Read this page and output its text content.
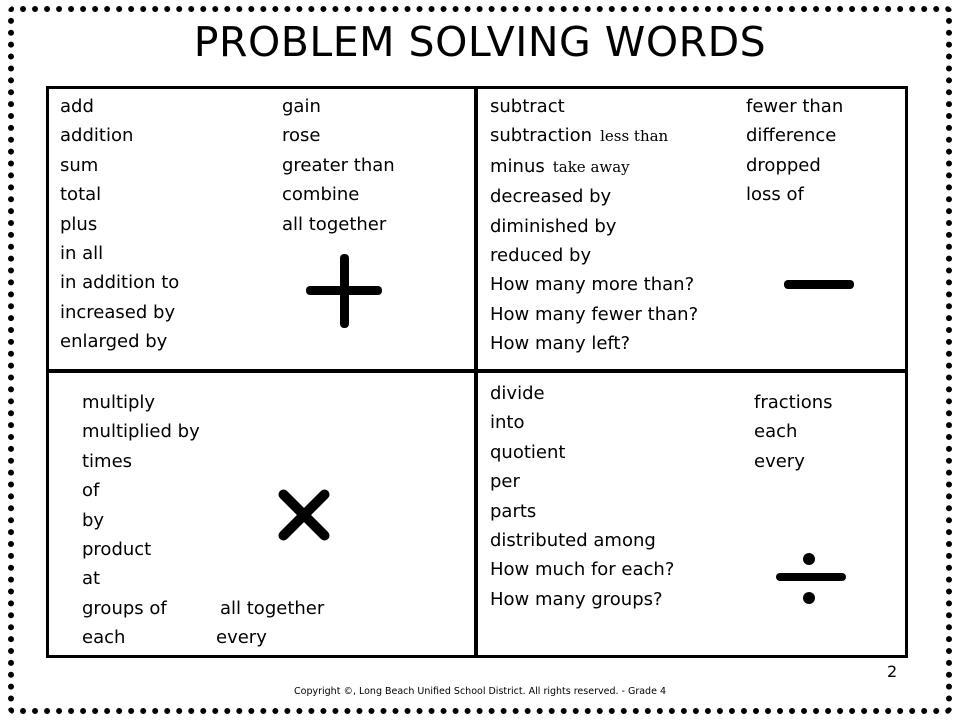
PROBLEM SOLVING WORDS
add
addition
sum
total
plus
in all
in addition to
increased by
enlarged by
gain
rose
greater than
combine
all together
subtract
subtraction less than
minus take away
decreased by
diminished by
reduced by
How many more than?
How many fewer than?
How many left?
fewer than
difference
dropped
loss of
multiply
multiplied by
times
of
by
product
at
groups of
each
all together
every
divide
into
quotient
per
parts
distributed among
How much for each?
How many groups?
fractions
each
every
2
Copyright ©, Long Beach Unified School District. All rights reserved. - Grade 4
